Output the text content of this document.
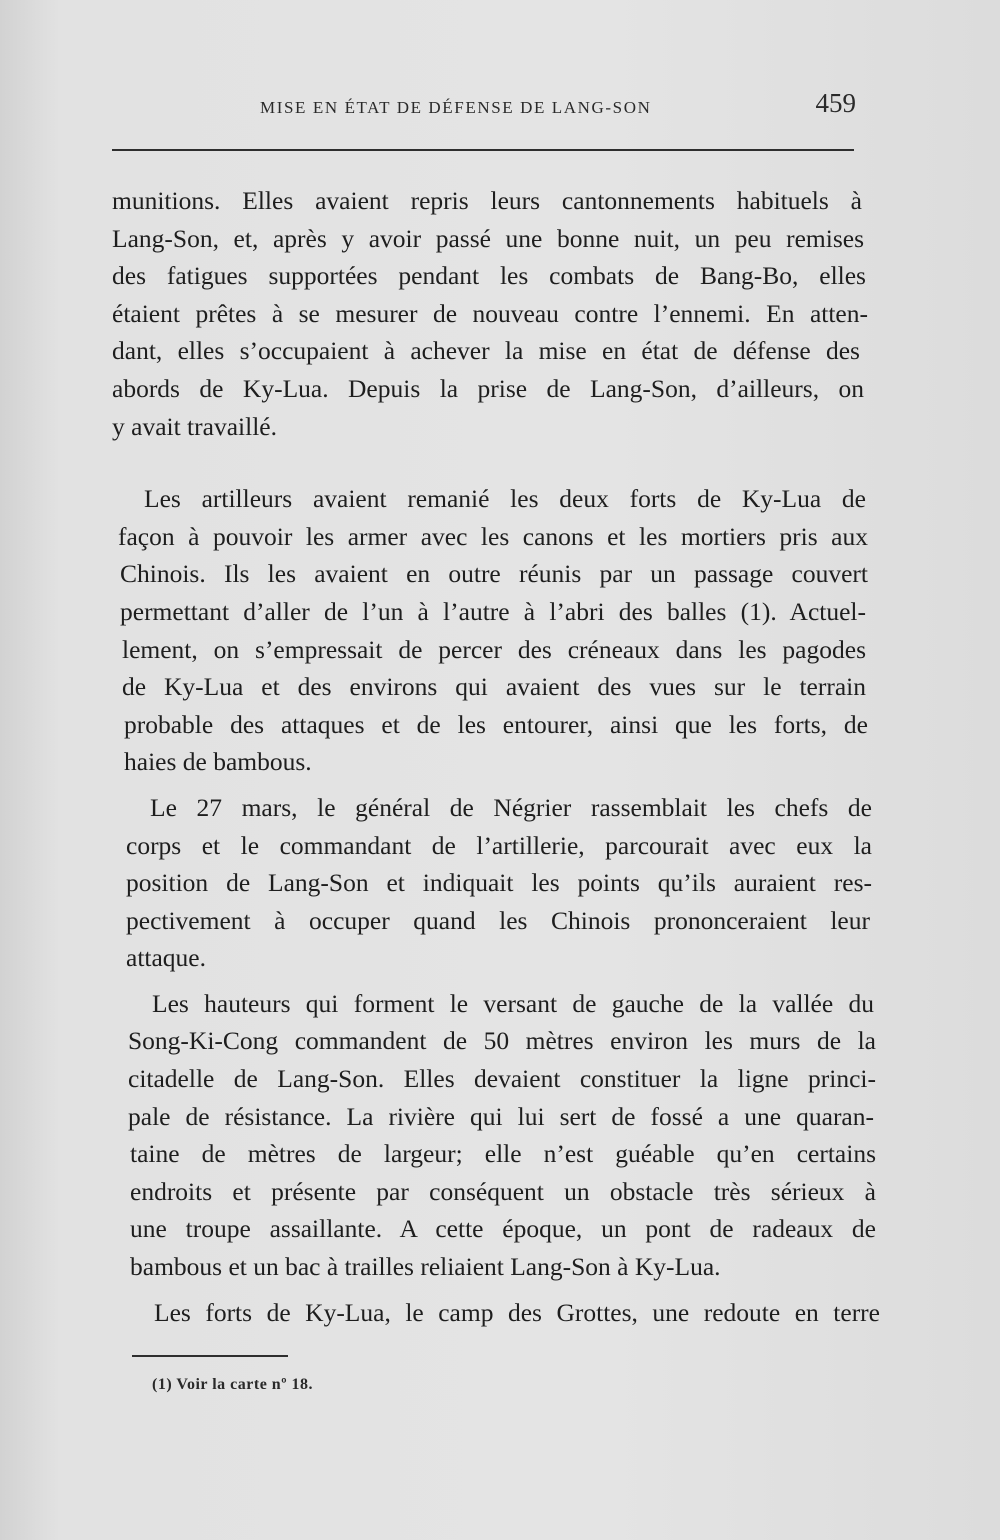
MISE EN ÉTAT DE DÉFENSE DE LANG-SON	459
munitions. Elles avaient repris leurs cantonnements habituels à
Lang-Son, et, après y avoir passé une bonne nuit, un peu remises
des fatigues supportées pendant les combats de Bang-Bo, elles
étaient prêtes à se mesurer de nouveau contre l’ennemi. En atten-
dant, elles s’occupaient à achever la mise en état de défense des
abords de Ky-Lua. Depuis la prise de Lang-Son, d’ailleurs, on
y avait travaillé.
Les artilleurs avaient remanié les deux forts de Ky-Lua de
façon à pouvoir les armer avec les canons et les mortiers pris aux
Chinois. Ils les avaient en outre réunis par un passage couvert
permettant d’aller de l’un à l’autre à l’abri des balles (1). Actuel-
lement, on s’empressait de percer des créneaux dans les pagodes
de Ky-Lua et des environs qui avaient des vues sur le terrain
probable des attaques et de les entourer, ainsi que les forts, de
haies de bambous.
Le 27 mars, le général de Négrier rassemblait les chefs de
corps et le commandant de l’artillerie, parcourait avec eux la
position de Lang-Son et indiquait les points qu’ils auraient res-
pectivement à occuper quand les Chinois prononceraient leur
attaque.
Les hauteurs qui forment le versant de gauche de la vallée du
Song-Ki-Cong commandent de 50 mètres environ les murs de la
citadelle de Lang-Son. Elles devaient constituer la ligne princi-
pale de résistance. La rivière qui lui sert de fossé a une quaran-
taine de mètres de largeur; elle n’est guéable qu’en certains
endroits et présente par conséquent un obstacle très sérieux à
une troupe assaillante. A cette époque, un pont de radeaux de
bambous et un bac à trailles reliaient Lang-Son à Ky-Lua.
Les forts de Ky-Lua, le camp des Grottes, une redoute en terre
(1) Voir la carte nº 18.
